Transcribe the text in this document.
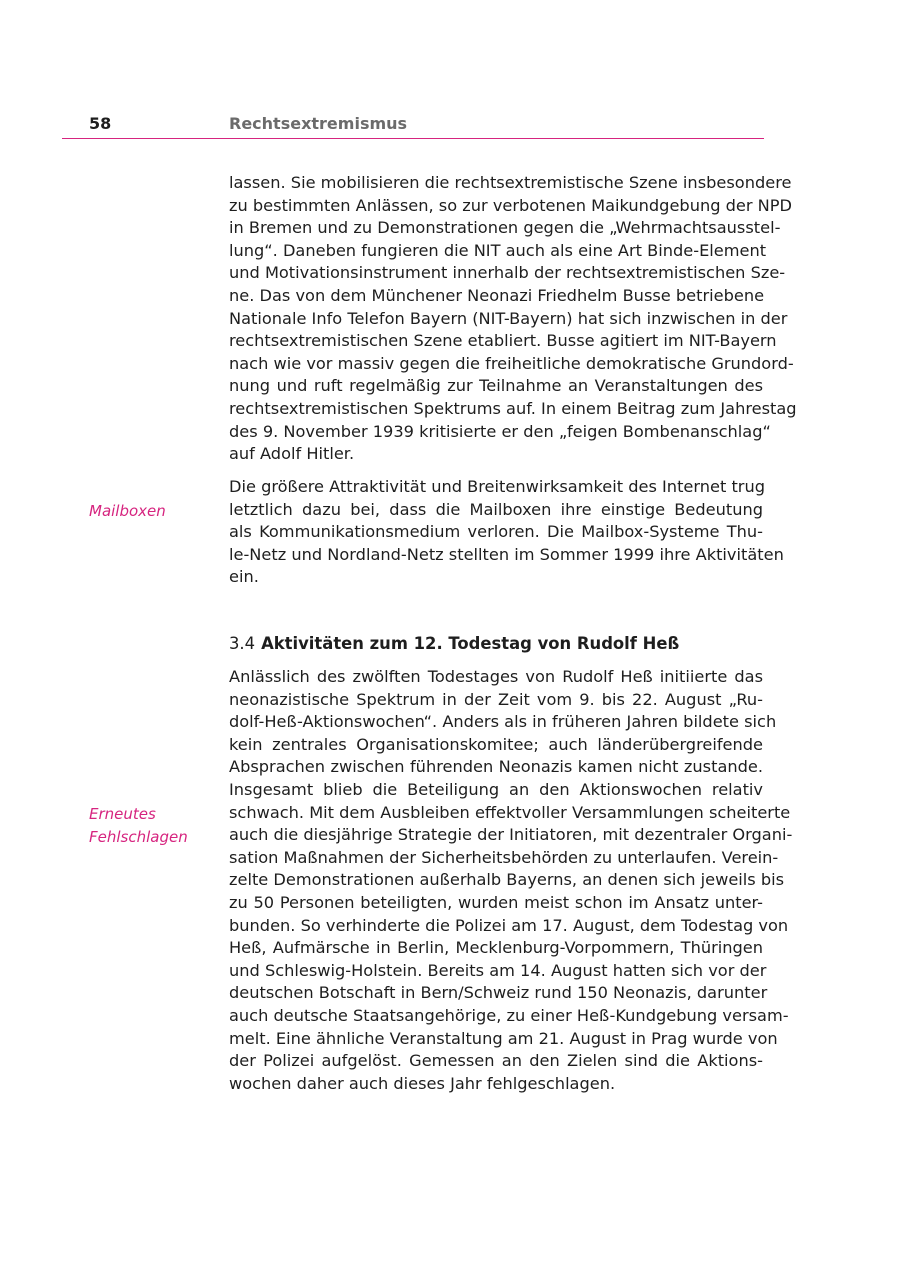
58	Rechtsextremismus

lassen. Sie mobilisieren die rechtsextremistische Szene insbesondere
zu bestimmten Anlässen, so zur verbotenen Maikundgebung der NPD
in Bremen und zu Demonstrationen gegen die „Wehrmachtsausstel-
lung“. Daneben fungieren die NIT auch als eine Art Binde-Element
und Motivationsinstrument innerhalb der rechtsextremistischen Sze-
ne. Das von dem Münchener Neonazi Friedhelm Busse betriebene
Nationale Info Telefon Bayern (NIT-Bayern) hat sich inzwischen in der
rechtsextremistischen Szene etabliert. Busse agitiert im NIT-Bayern
nach wie vor massiv gegen die freiheitliche demokratische Grundord-
nung und ruft regelmäßig zur Teilnahme an Veranstaltungen des
rechtsextremistischen Spektrums auf. In einem Beitrag zum Jahrestag
des 9. November 1939 kritisierte er den „feigen Bombenanschlag“
auf Adolf Hitler.

Mailboxen

Die größere Attraktivität und Breitenwirksamkeit des Internet trug
letztlich dazu bei, dass die Mailboxen ihre einstige Bedeutung
als Kommunikationsmedium verloren. Die Mailbox-Systeme Thu-
le-Netz und Nordland-Netz stellten im Sommer 1999 ihre Aktivitäten
ein.

3.4 Aktivitäten zum 12. Todestag von Rudolf Heß

Erneutes
Fehlschlagen

Anlässlich des zwölften Todestages von Rudolf Heß initiierte das
neonazistische Spektrum in der Zeit vom 9. bis 22. August „Ru-
dolf-Heß-Aktionswochen“. Anders als in früheren Jahren bildete sich
kein zentrales Organisationskomitee; auch länderübergreifende
Absprachen zwischen führenden Neonazis kamen nicht zustande.
Insgesamt blieb die Beteiligung an den Aktionswochen relativ
schwach. Mit dem Ausbleiben effektvoller Versammlungen scheiterte
auch die diesjährige Strategie der Initiatoren, mit dezentraler Organi-
sation Maßnahmen der Sicherheitsbehörden zu unterlaufen. Verein-
zelte Demonstrationen außerhalb Bayerns, an denen sich jeweils bis
zu 50 Personen beteiligten, wurden meist schon im Ansatz unter-
bunden. So verhinderte die Polizei am 17. August, dem Todestag von
Heß, Aufmärsche in Berlin, Mecklenburg-Vorpommern, Thüringen
und Schleswig-Holstein. Bereits am 14. August hatten sich vor der
deutschen Botschaft in Bern/Schweiz rund 150 Neonazis, darunter
auch deutsche Staatsangehörige, zu einer Heß-Kundgebung versam-
melt. Eine ähnliche Veranstaltung am 21. August in Prag wurde von
der Polizei aufgelöst. Gemessen an den Zielen sind die Aktions-
wochen daher auch dieses Jahr fehlgeschlagen.
